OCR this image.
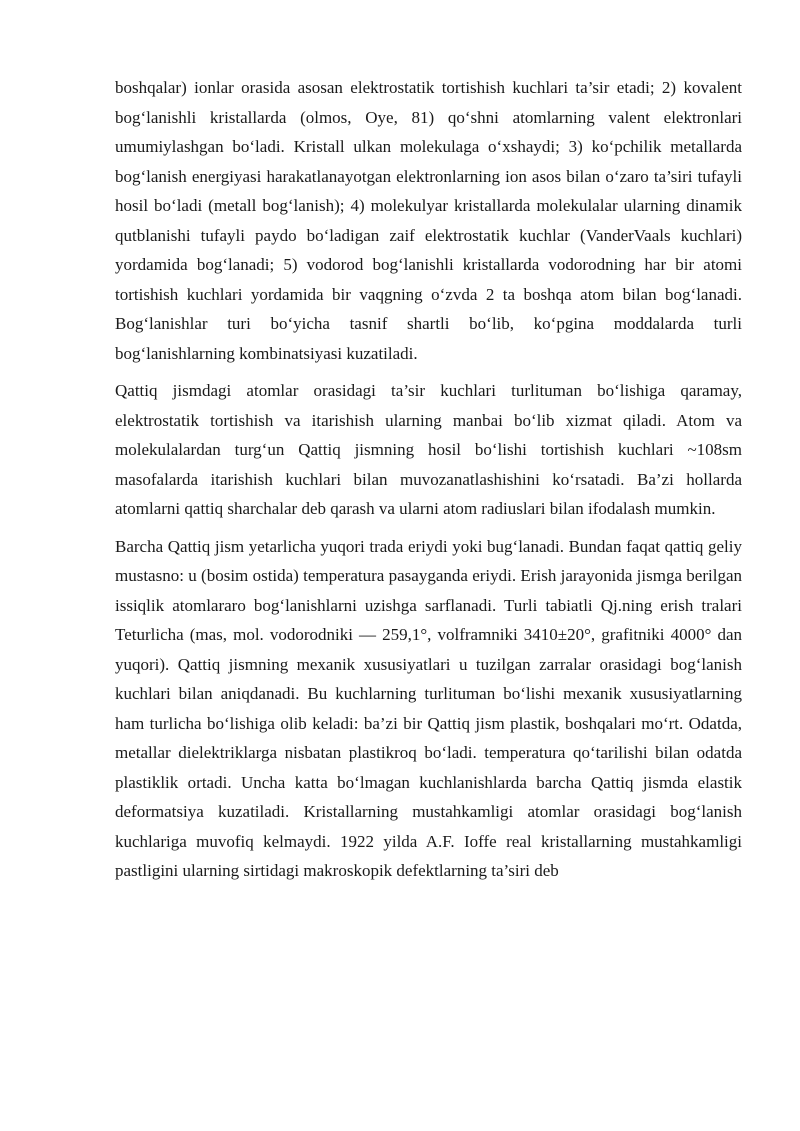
boshqalar) ionlar orasida asosan elektrostatik tortishish kuchlari ta’sir etadi; 2) kovalent bog‘lanishli kristallarda (olmos, Oye, 81) qo‘shni atomlarning valent elektronlari umumiylashgan bo‘ladi. Kristall ulkan molekulaga o‘xshaydi; 3) ko‘pchilik metallarda bog‘lanish energiyasi harakatlanayotgan elektronlarning ion asos bilan o‘zaro ta’siri tufayli hosil bo‘ladi (metall bog‘lanish); 4) molekulyar kristallarda molekulalar ularning dinamik qutblanishi tufayli paydo bo‘ladigan zaif elektrostatik kuchlar (VanderVaals kuchlari) yordamida bog‘lanadi; 5) vodorod bog‘lanishli kristallarda vodorodning har bir atomi tortishish kuchlari yordamida bir vaqgning o‘zvda 2 ta boshqa atom bilan bog‘lanadi. Bog‘lanishlar turi bo‘yicha tasnif shartli bo‘lib, ko‘pgina moddalarda turli bog‘lanishlarning kombinatsiyasi kuzatiladi.

Qattiq jismdagi atomlar orasidagi ta’sir kuchlari turlituman bo‘lishiga qaramay, elektrostatik tortishish va itarishish ularning manbai bo‘lib xizmat qiladi. Atom va molekulalardan turg‘un Qattiq jismning hosil bo‘lishi tortishish kuchlari ~108sm masofalarda itarishish kuchlari bilan muvozanatlashishini ko‘rsatadi. Ba’zi hollarda atomlarni qattiq sharchalar deb qarash va ularni atom radiuslari bilan ifodalash mumkin.

Barcha Qattiq jism yetarlicha yuqori trada eriydi yoki bug‘lanadi. Bundan faqat qattiq geliy mustasno: u (bosim ostida) temperatura pasayganda eriydi. Erish jarayonida jismga berilgan issiqlik atomlararo bog‘lanishlarni uzishga sarflanadi. Turli tabiatli Qj.ning erish tralari Teturlicha (mas, mol. vodorodniki — 259,1°, volframniki 3410±20°, grafitniki 4000° dan yuqori). Qattiq jismning mexanik xususiyatlari u tuzilgan zarralar orasidagi bog‘lanish kuchlari bilan aniqdanadi. Bu kuchlarning turlituman bo‘lishi mexanik xususiyatlarning ham turlicha bo‘lishiga olib keladi: ba’zi bir Qattiq jism plastik, boshqalari mo‘rt. Odatda, metallar dielektriklarga nisbatan plastikroq bo‘ladi. temperatura qo‘tarilishi bilan odatda plastiklik ortadi. Uncha katta bo‘lmagan kuchlanishlarda barcha Qattiq jismda elastik deformatsiya kuzatiladi. Kristallarning mustahkamligi atomlar orasidagi bog‘lanish kuchlariga muvofiq kelmaydi. 1922 yilda A.F. Ioffe real kristallarning mustahkamligi pastligini ularning sirtidagi makroskopik defektlarning ta’siri deb
